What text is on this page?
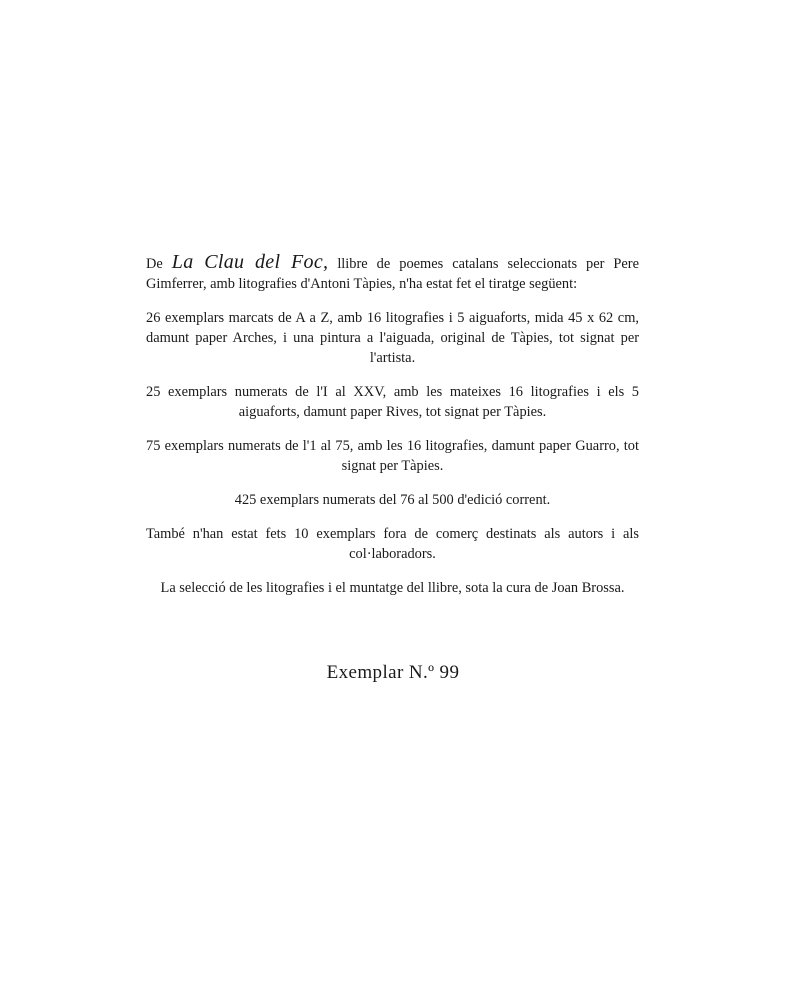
De La Clau del Foc, llibre de poemes catalans seleccionats per Pere Gimferrer, amb litografies d'Antoni Tàpies, n'ha estat fet el tiratge següent:

26 exemplars marcats de A a Z, amb 16 litografies i 5 aiguaforts, mida 45 x 62 cm, damunt paper Arches, i una pintura a l'aiguada, original de Tàpies, tot signat per l'artista.

25 exemplars numerats de l'I al XXV, amb les mateixes 16 litografies i els 5 aiguaforts, damunt paper Rives, tot signat per Tàpies.

75 exemplars numerats de l'1 al 75, amb les 16 litografies, damunt paper Guarro, tot signat per Tàpies.

425 exemplars numerats del 76 al 500 d'edició corrent.

També n'han estat fets 10 exemplars fora de comerç destinats als autors i als col·laboradors.

La selecció de les litografies i el muntatge del llibre, sota la cura de Joan Brossa.

Exemplar N.º 99
